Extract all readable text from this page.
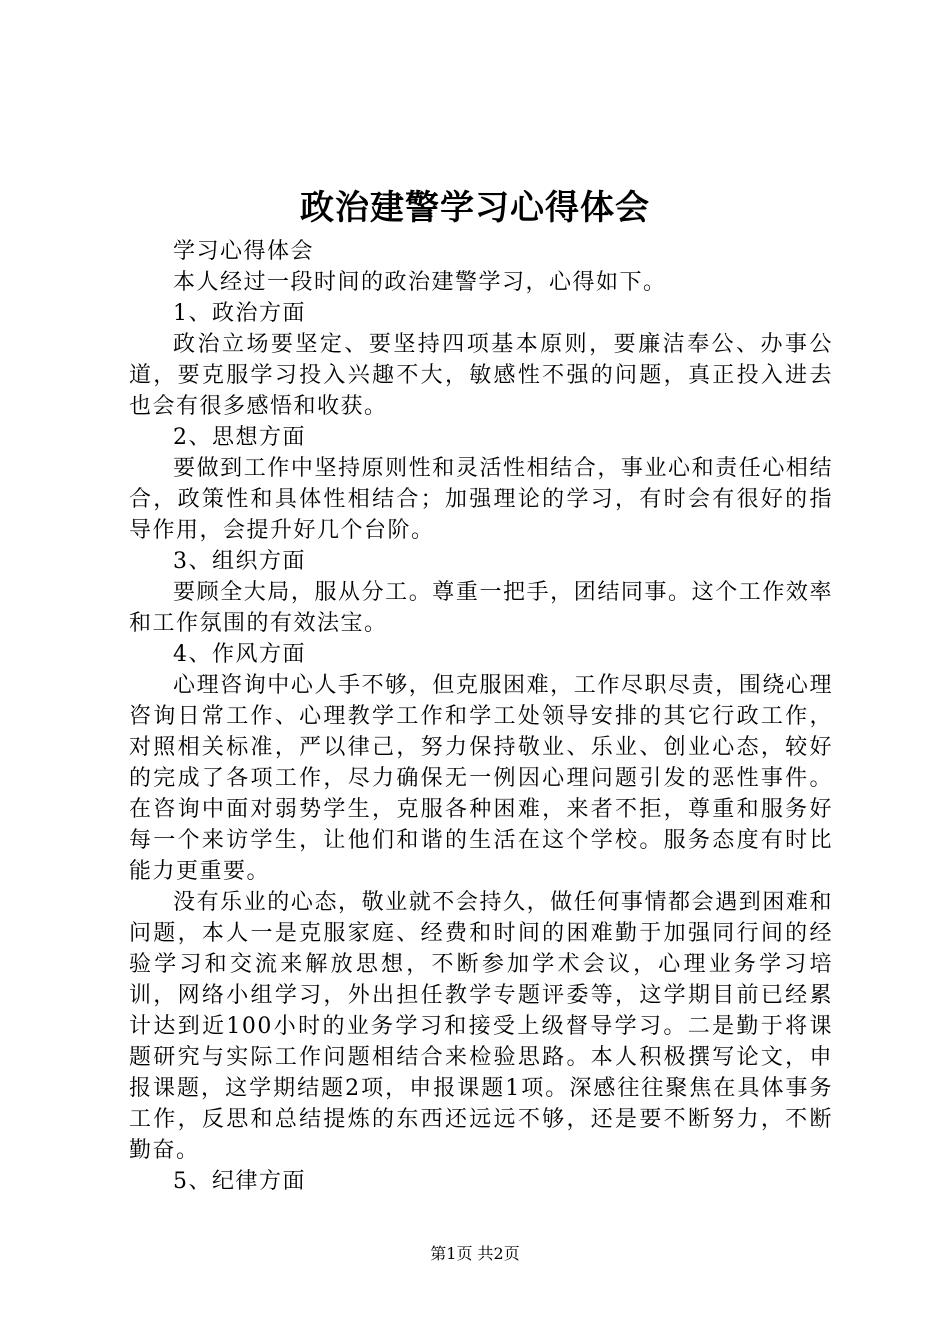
政治建警学习心得体会

学习心得体会

本人经过一段时间的政治建警学习，心得如下。

1、政治方面

政治立场要坚定、要坚持四项基本原则，要廉洁奉公、办事公道，要克服学习投入兴趣不大，敏感性不强的问题，真正投入进去也会有很多感悟和收获。

2、思想方面

要做到工作中坚持原则性和灵活性相结合，事业心和责任心相结合，政策性和具体性相结合；加强理论的学习，有时会有很好的指导作用，会提升好几个台阶。

3、组织方面

要顾全大局，服从分工。尊重一把手，团结同事。这个工作效率和工作氛围的有效法宝。

4、作风方面

心理咨询中心人手不够，但克服困难，工作尽职尽责，围绕心理咨询日常工作、心理教学工作和学工处领导安排的其它行政工作，对照相关标准，严以律己，努力保持敬业、乐业、创业心态，较好的完成了各项工作，尽力确保无一例因心理问题引发的恶性事件。在咨询中面对弱势学生，克服各种困难，来者不拒，尊重和服务好每一个来访学生，让他们和谐的生活在这个学校。服务态度有时比能力更重要。

没有乐业的心态，敬业就不会持久，做任何事情都会遇到困难和问题，本人一是克服家庭、经费和时间的困难勤于加强同行间的经验学习和交流来解放思想，不断参加学术会议，心理业务学习培训，网络小组学习，外出担任教学专题评委等，这学期目前已经累计达到近100小时的业务学习和接受上级督导学习。二是勤于将课题研究与实际工作问题相结合来检验思路。本人积极撰写论文，申报课题，这学期结题2项，申报课题1项。深感往往聚焦在具体事务工作，反思和总结提炼的东西还远远不够，还是要不断努力，不断勤奋。

5、纪律方面

第1页 共2页
